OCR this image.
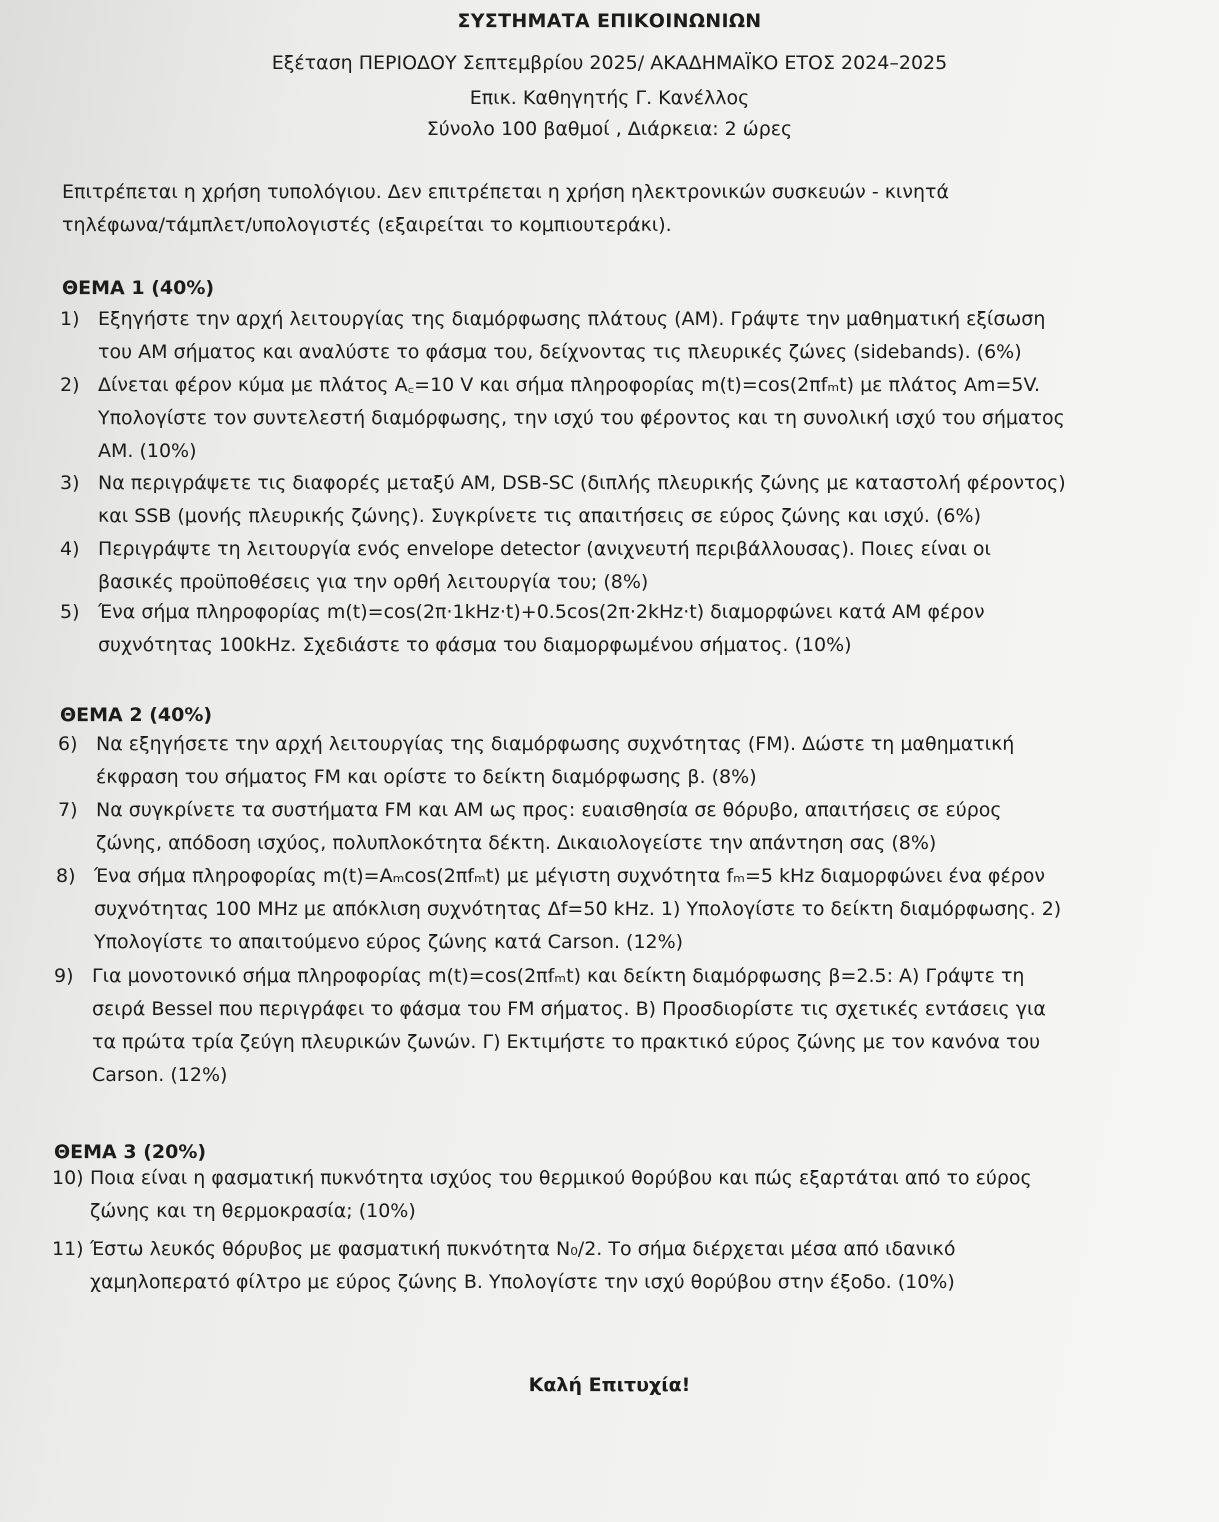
ΣΥΣΤΗΜΑΤΑ ΕΠΙΚΟΙΝΩΝΙΩΝ
Εξέταση ΠΕΡΙΟΔΟΥ Σεπτεμβρίου 2025/ ΑΚΑΔΗΜΑΪΚΟ ΕΤΟΣ 2024–2025
Επικ. Καθηγητής Γ. Κανέλλος
Σύνολο 100 βαθμοί , Διάρκεια: 2 ώρες
Επιτρέπεται η χρήση τυπολόγιου. Δεν επιτρέπεται η χρήση ηλεκτρονικών συσκευών - κινητά
τηλέφωνα/τάμπλετ/υπολογιστές (εξαιρείται το κομπιουτεράκι).
ΘΕΜΑ 1 (40%)
1) Εξηγήστε την αρχή λειτουργίας της διαμόρφωσης πλάτους (AM). Γράψτε την μαθηματική εξίσωση
του AM σήματος και αναλύστε το φάσμα του, δείχνοντας τις πλευρικές ζώνες (sidebands). (6%)
2) Δίνεται φέρον κύμα με πλάτος A꜀=10 V και σήμα πληροφορίας m(t)=cos(2πfₘt) με πλάτος Am=5V.
Υπολογίστε τον συντελεστή διαμόρφωσης, την ισχύ του φέροντος και τη συνολική ισχύ του σήματος
AM. (10%)
3) Να περιγράψετε τις διαφορές μεταξύ AM, DSB-SC (διπλής πλευρικής ζώνης με καταστολή φέροντος)
και SSB (μονής πλευρικής ζώνης). Συγκρίνετε τις απαιτήσεις σε εύρος ζώνης και ισχύ. (6%)
4) Περιγράψτε τη λειτουργία ενός envelope detector (ανιχνευτή περιβάλλουσας). Ποιες είναι οι
βασικές προϋποθέσεις για την ορθή λειτουργία του; (8%)
5) Ένα σήμα πληροφορίας m(t)=cos(2π·1kHz·t)+0.5cos(2π·2kHz·t) διαμορφώνει κατά AM φέρον
συχνότητας 100kHz. Σχεδιάστε το φάσμα του διαμορφωμένου σήματος. (10%)
ΘΕΜΑ 2 (40%)
6) Να εξηγήσετε την αρχή λειτουργίας της διαμόρφωσης συχνότητας (FM). Δώστε τη μαθηματική
έκφραση του σήματος FM και ορίστε το δείκτη διαμόρφωσης β. (8%)
7) Να συγκρίνετε τα συστήματα FM και AM ως προς: ευαισθησία σε θόρυβο, απαιτήσεις σε εύρος
ζώνης, απόδοση ισχύος, πολυπλοκότητα δέκτη. Δικαιολογείστε την απάντηση σας (8%)
8) Ένα σήμα πληροφορίας m(t)=Aₘcos(2πfₘt) με μέγιστη συχνότητα fₘ=5 kHz διαμορφώνει ένα φέρον
συχνότητας 100 MHz με απόκλιση συχνότητας Δf=50 kHz. 1) Υπολογίστε το δείκτη διαμόρφωσης. 2)
Υπολογίστε το απαιτούμενο εύρος ζώνης κατά Carson. (12%)
9) Για μονοτονικό σήμα πληροφορίας m(t)=cos(2πfₘt) και δείκτη διαμόρφωσης β=2.5: Α) Γράψτε τη
σειρά Bessel που περιγράφει το φάσμα του FM σήματος. Β) Προσδιορίστε τις σχετικές εντάσεις για
τα πρώτα τρία ζεύγη πλευρικών ζωνών. Γ) Εκτιμήστε το πρακτικό εύρος ζώνης με τον κανόνα του
Carson. (12%)
ΘΕΜΑ 3 (20%)
10) Ποια είναι η φασματική πυκνότητα ισχύος του θερμικού θορύβου και πώς εξαρτάται από το εύρος
ζώνης και τη θερμοκρασία; (10%)
11) Έστω λευκός θόρυβος με φασματική πυκνότητα N₀/2. Το σήμα διέρχεται μέσα από ιδανικό
χαμηλοπερατό φίλτρο με εύρος ζώνης B. Υπολογίστε την ισχύ θορύβου στην έξοδο. (10%)
Καλή Επιτυχία!
